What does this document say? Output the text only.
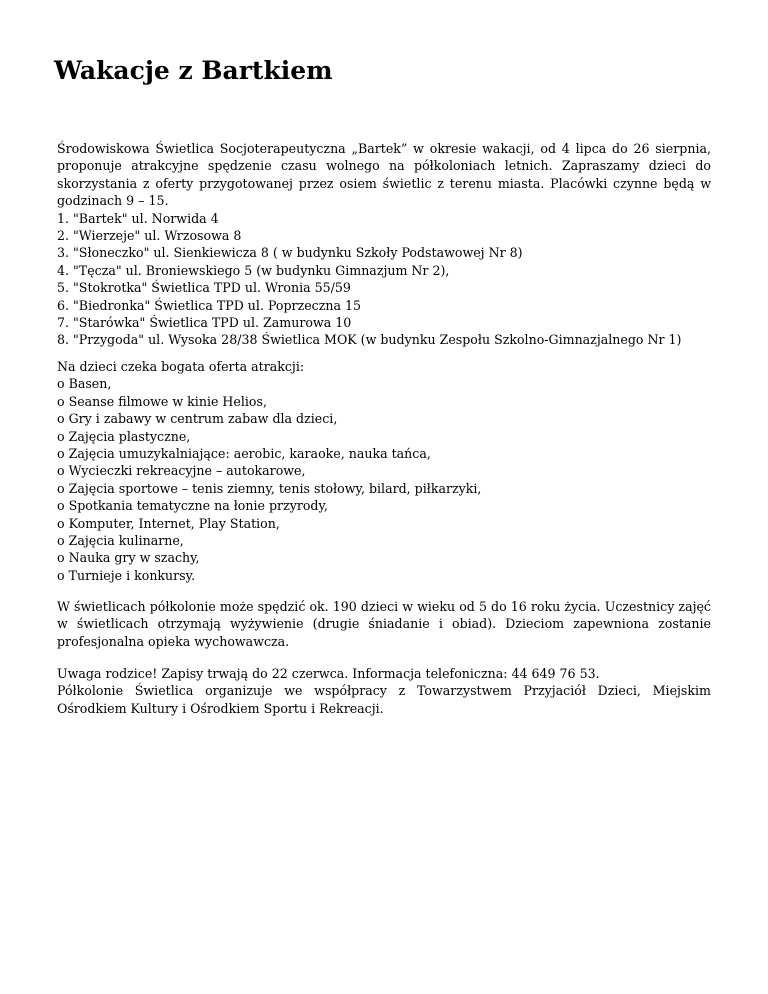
Wakacje z Bartkiem
Środowiskowa Świetlica Socjoterapeutyczna „Bartek” w okresie wakacji, od 4 lipca do 26 sierpnia, proponuje atrakcyjne spędzenie czasu wolnego na półkoloniach letnich. Zapraszamy dzieci do skorzystania z oferty przygotowanej przez osiem świetlic z terenu miasta. Placówki czynne będą w godzinach 9 – 15.
1. "Bartek" ul. Norwida 4
2. "Wierzeje" ul. Wrzosowa 8
3. "Słoneczko" ul. Sienkiewicza 8 ( w budynku Szkoły Podstawowej Nr 8)
4. "Tęcza" ul. Broniewskiego 5 (w budynku Gimnazjum Nr 2),
5. "Stokrotka" Świetlica TPD ul. Wronia 55/59
6. "Biedronka" Świetlica TPD ul. Poprzeczna 15
7. "Starówka" Świetlica TPD ul. Zamurowa 10
8. "Przygoda" ul. Wysoka 28/38 Świetlica MOK (w budynku Zespołu Szkolno-Gimnazjalnego Nr 1)
Na dzieci czeka bogata oferta atrakcji:
o Basen,
o Seanse filmowe w kinie Helios,
o Gry i zabawy w centrum zabaw dla dzieci,
o Zajęcia plastyczne,
o Zajęcia umuzykalniające: aerobic, karaoke, nauka tańca,
o Wycieczki rekreacyjne – autokarowe,
o Zajęcia sportowe – tenis ziemny, tenis stołowy, bilard, piłkarzyki,
o Spotkania tematyczne na łonie przyrody,
o Komputer, Internet, Play Station,
o Zajęcia kulinarne,
o Nauka gry w szachy,
o Turnieje i konkursy.
W świetlicach półkolonie może spędzić ok. 190 dzieci w wieku od 5 do 16 roku życia. Uczestnicy zajęć w świetlicach otrzymają wyżywienie (drugie śniadanie i obiad). Dzieciom zapewniona zostanie profesjonalna opieka wychowawcza.
Uwaga rodzice! Zapisy trwają do 22 czerwca. Informacja telefoniczna: 44 649 76 53.
Półkolonie Świetlica organizuje we współpracy z Towarzystwem Przyjaciół Dzieci, Miejskim Ośrodkiem Kultury i Ośrodkiem Sportu i Rekreacji.
